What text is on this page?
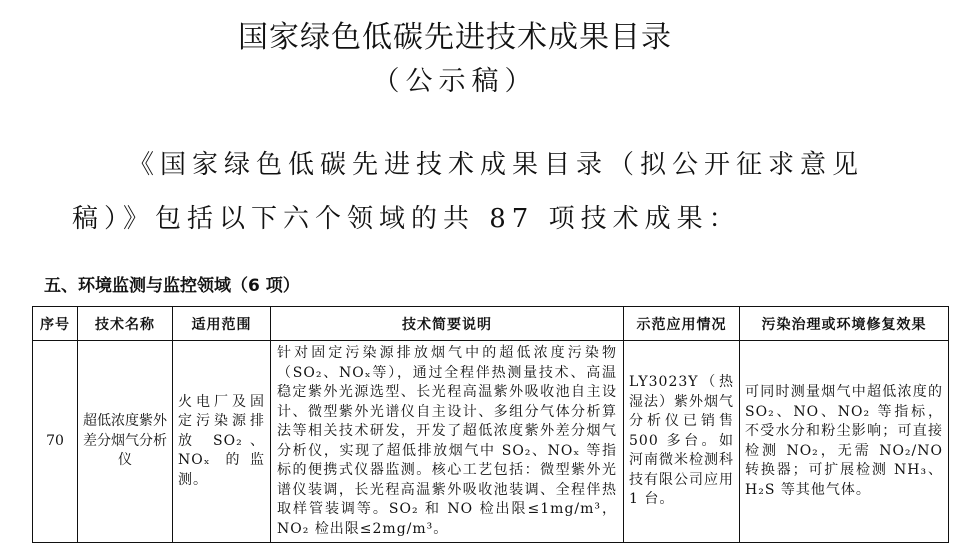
国家绿色低碳先进技术成果目录
（公示稿）
《国家绿色低碳先进技术成果目录（拟公开征求意见
稿）》包括以下六个领域的共 87 项技术成果：
五、环境监测与监控领域（6 项）
序号	技术名称	适用范围	技术简要说明	示范应用情况	污染治理或环境修复效果
70	超低浓度紫外差分烟气分析仪	火电厂及固定污染源排放 SO₂、NOₓ 的监测。	针对固定污染源排放烟气中的超低浓度污染物（SO₂、NOₓ等），通过全程伴热测量技术、高温稳定紫外光源选型、长光程高温紫外吸收池自主设计、微型紫外光谱仪自主设计、多组分气体分析算法等相关技术研发，开发了超低浓度紫外差分烟气分析仪，实现了超低排放烟气中 SO₂、NOₓ 等指标的便携式仪器监测。核心工艺包括：微型紫外光谱仪装调，长光程高温紫外吸收池装调、全程伴热取样管装调等。SO₂ 和 NO 检出限≤1mg/m³，NO₂ 检出限≤2mg/m³。	LY3023Y（热湿法）紫外烟气分析仪已销售 500 多台。如河南微米检测科技有限公司应用 1 台。	可同时测量烟气中超低浓度的 SO₂、NO、NO₂ 等指标，不受水分和粉尘影响；可直接检测 NO₂，无需 NO₂/NO 转换器；可扩展检测 NH₃、H₂S 等其他气体。
